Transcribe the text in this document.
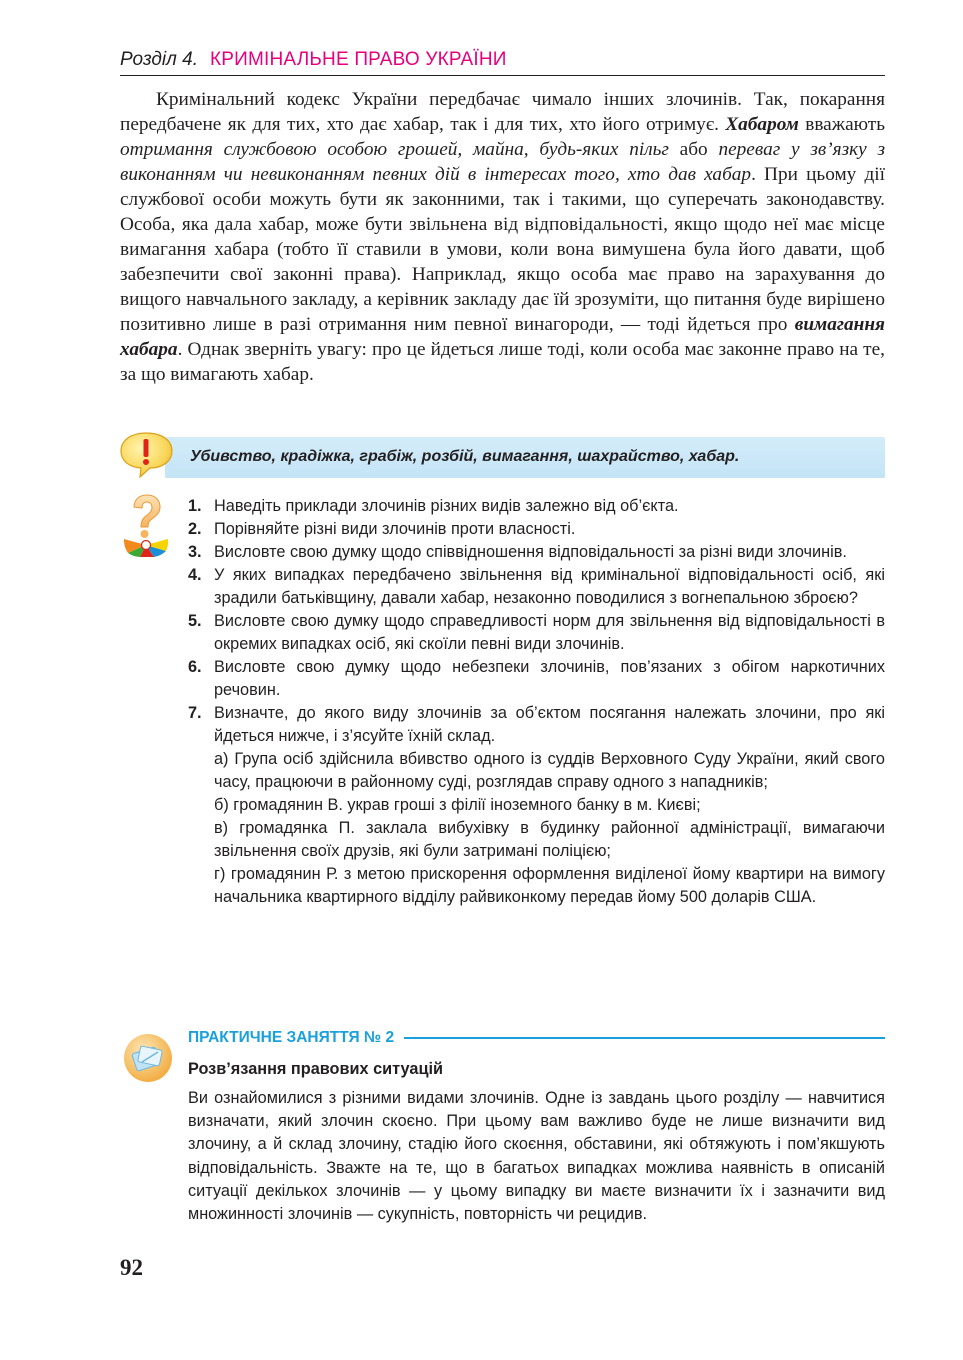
Розділ 4. КРИМІНАЛЬНЕ ПРАВО УКРАЇНИ

Кримінальний кодекс України передбачає чимало інших злочинів. Так, покарання передбачене як для тих, хто дає хабар, так і для тих, хто його отримує. Хабаром вважають отримання службовою особою грошей, майна, будь-яких пільг або переваг у зв’язку з виконанням чи невиконанням певних дій в інтересах того, хто дав хабар. При цьому дії службової особи можуть бути як законними, так і такими, що суперечать законодавству. Особа, яка дала хабар, може бути звільнена від відповідальності, якщо щодо неї має місце вимагання хабара (тобто її ставили в умови, коли вона вимушена була його давати, щоб забезпечити свої законні права). Наприклад, якщо особа має право на зарахування до вищого навчального закладу, а керівник закладу дає їй зрозуміти, що питання буде вирішено позитивно лише в разі отримання ним певної винагороди, — тоді йдеться про вимагання хабара. Однак зверніть увагу: про це йдеться лише тоді, коли особа має законне право на те, за що вимагають хабар.

Убивство, крадіжка, грабіж, розбій, вимагання, шахрайство, хабар.
1. Наведіть приклади злочинів різних видів залежно від об’єкта.
2. Порівняйте різні види злочинів проти власності.
3. Висловте свою думку щодо співвідношення відповідальності за різні види злочинів.
4. У яких випадках передбачено звільнення від кримінальної відповідальності осіб, які зрадили батьківщину, давали хабар, незаконно поводилися з вогнепальною зброєю?
5. Висловте свою думку щодо справедливості норм для звільнення від відповідальності в окремих випадках осіб, які скоїли певні види злочинів.
6. Висловте свою думку щодо небезпеки злочинів, пов’язаних з обігом наркотичних речовин.
7. Визначте, до якого виду злочинів за об’єктом посягання належать злочини, про які йдеться нижче, і з’ясуйте їхній склад.
а) Група осіб здійснила вбивство одного із суддів Верховного Суду України, який свого часу, працюючи в районному суді, розглядав справу одного з нападників;
б) громадянин В. украв гроші з філії іноземного банку в м. Києві;
в) громадянка П. заклала вибухівку в будинку районної адміністрації, вимагаючи звільнення своїх друзів, які були затримані поліцією;
г) громадянин Р. з метою прискорення оформлення виділеної йому квартири на вимогу начальника квартирного відділу райвиконкому передав йому 500 доларів США.
ПРАКТИЧНЕ ЗАНЯТТЯ № 2
Розв’язання правових ситуацій

Ви ознайомилися з різними видами злочинів. Одне із завдань цього розділу — навчитися визначати, який злочин скоєно. При цьому вам важливо буде не лише визначити вид злочину, а й склад злочину, стадію його скоєння, обставини, які обтяжують і пом’якшують відповідальність. Зважте на те, що в багатьох випадках можлива наявність в описаній ситуації декількох злочинів — у цьому випадку ви маєте визначити їх і зазначити вид множинності злочинів — сукупність, повторність чи рецидив.

92
